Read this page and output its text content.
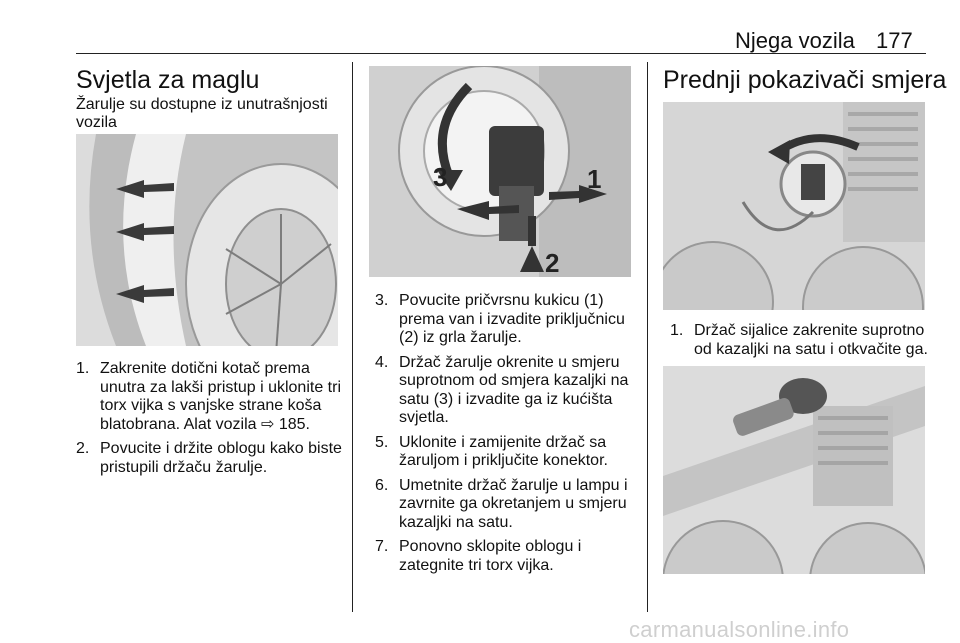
Njega vozila 177
Svjetla za maglu
Žarulje su dostupne iz unutrašnjosti vozila
1. Zakrenite dotični kotač prema unutra za lakši pristup i uklonite tri torx vijka s vanjske strane koša blatobrana. Alat vozila ⇨ 185.
2. Povucite i držite oblogu kako biste pristupili držaču žarulje.
3	1
2
3. Povucite pričvrsnu kukicu (1) prema van i izvadite priključnicu (2) iz grla žarulje.
4. Držač žarulje okrenite u smjeru suprotnom od smjera kazaljki na satu (3) i izvadite ga iz kućišta svjetla.
5. Uklonite i zamijenite držač sa žaruljom i priključite konektor.
6. Umetnite držač žarulje u lampu i zavrnite ga okretanjem u smjeru kazaljki na satu.
7. Ponovno sklopite oblogu i zategnite tri torx vijka.
Prednji pokazivači smjera
1. Držač sijalice zakrenite suprotno od kazaljki na satu i otkvačite ga.
carmanualsonline.info
